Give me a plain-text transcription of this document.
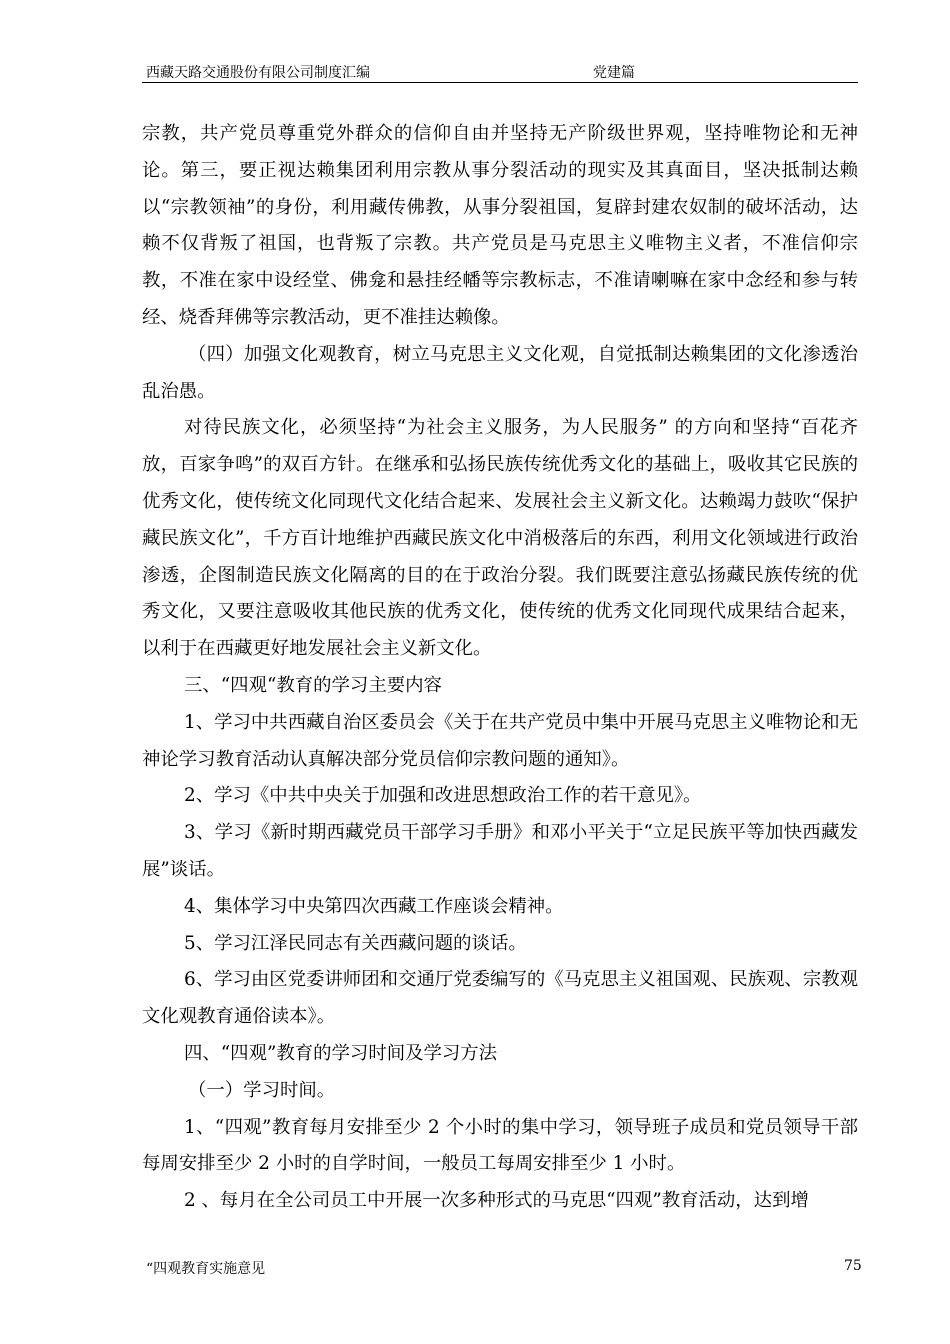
西藏天路交通股份有限公司制度汇编	党建篇

宗教，共产党员尊重党外群众的信仰自由并坚持无产阶级世界观，坚持唯物论和无神论。第三，要正视达赖集团利用宗教从事分裂活动的现实及其真面目，坚决抵制达赖以“宗教领袖”的身份，利用藏传佛教，从事分裂祖国，复辟封建农奴制的破坏活动，达赖不仅背叛了祖国，也背叛了宗教。共产党员是马克思主义唯物主义者，不准信仰宗教，不准在家中设经堂、佛龛和悬挂经幡等宗教标志，不准请喇嘛在家中念经和参与转经、烧香拜佛等宗教活动，更不准挂达赖像。

（四）加强文化观教育，树立马克思主义文化观，自觉抵制达赖集团的文化渗透治乱治愚。

对待民族文化，必须坚持“为社会主义服务，为人民服务” 的方向和坚持“百花齐放，百家争鸣”的双百方针。在继承和弘扬民族传统优秀文化的基础上，吸收其它民族的优秀文化，使传统文化同现代文化结合起来、发展社会主义新文化。达赖竭力鼓吹“保护藏民族文化”，千方百计地维护西藏民族文化中消极落后的东西，利用文化领域进行政治渗透，企图制造民族文化隔离的目的在于政治分裂。我们既要注意弘扬藏民族传统的优秀文化，又要注意吸收其他民族的优秀文化，使传统的优秀文化同现代成果结合起来，以利于在西藏更好地发展社会主义新文化。

三、“四观“教育的学习主要内容

1、学习中共西藏自治区委员会《关于在共产党员中集中开展马克思主义唯物论和无神论学习教育活动认真解决部分党员信仰宗教问题的通知》。

2、学习《中共中央关于加强和改进思想政治工作的若干意见》。

3、学习《新时期西藏党员干部学习手册》和邓小平关于“立足民族平等加快西藏发展”谈话。

4、集体学习中央第四次西藏工作座谈会精神。

5、学习江泽民同志有关西藏问题的谈话。

6、学习由区党委讲师团和交通厅党委编写的《马克思主义祖国观、民族观、宗教观文化观教育通俗读本》。

四、“四观”教育的学习时间及学习方法

（一）学习时间。

1、“四观”教育每月安排至少 2 个小时的集中学习，领导班子成员和党员领导干部每周安排至少 2 小时的自学时间，一般员工每周安排至少 1 小时。

2 、每月在全公司员工中开展一次多种形式的马克思“四观”教育活动，达到增

“四观教育实施意见	75
